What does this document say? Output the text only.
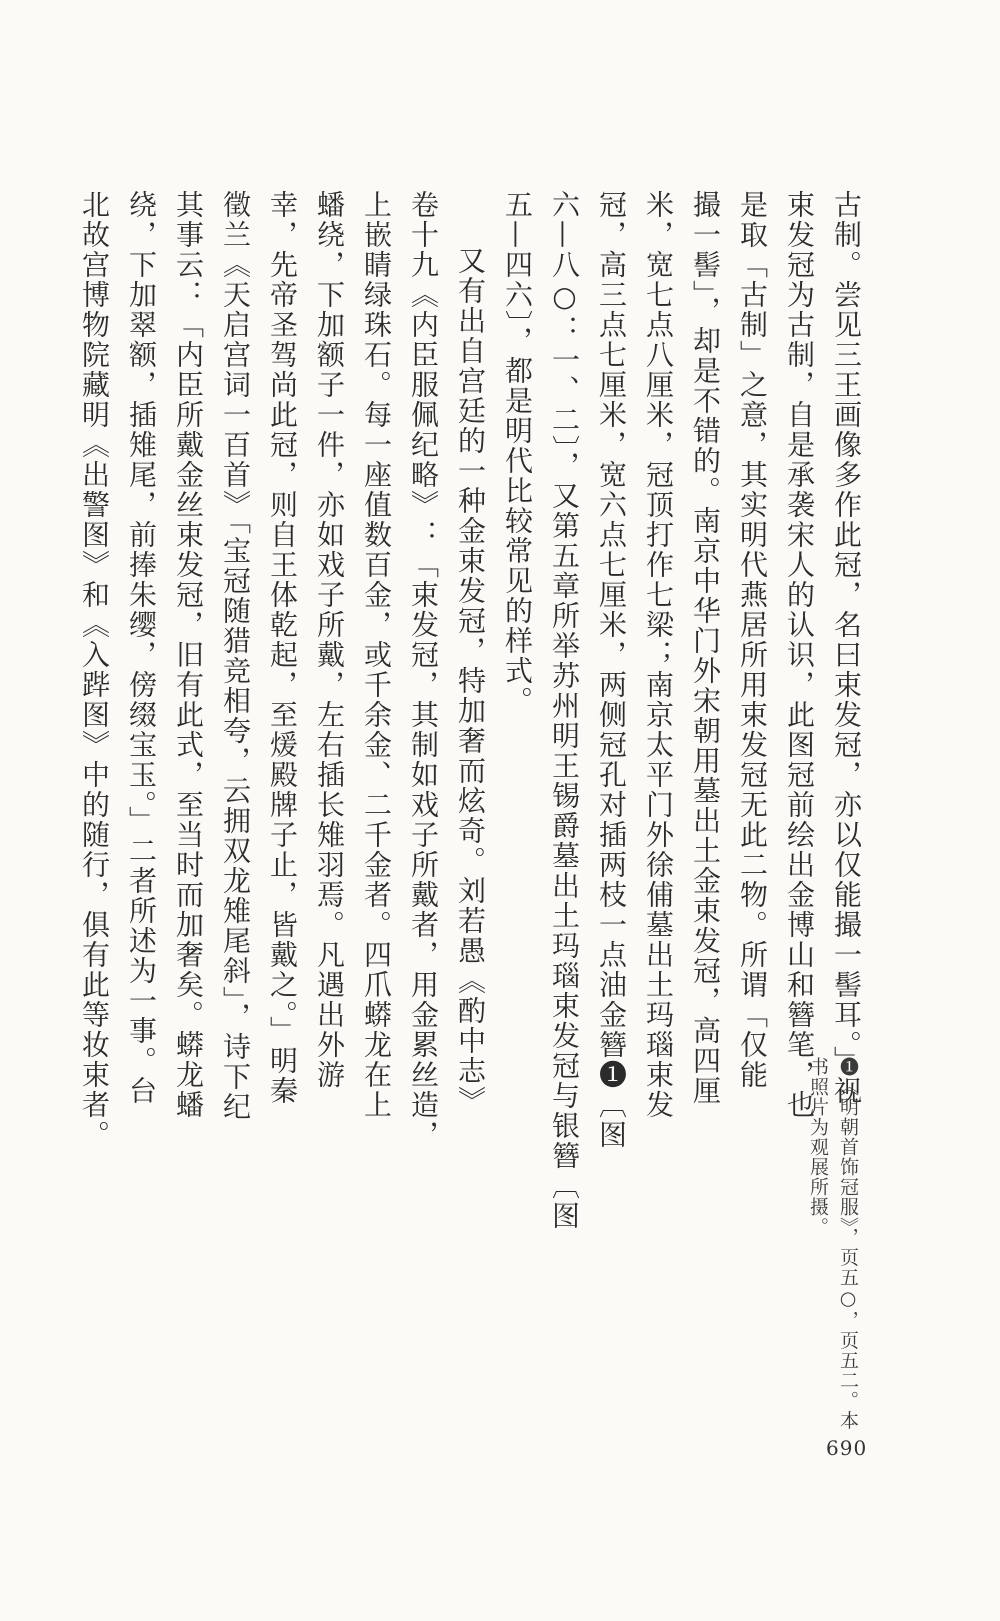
古制。尝见三王画像多作此冠，名曰束发冠，亦以仅能撮一髻耳。」视
束发冠为古制，自是承袭宋人的认识，此图冠前绘出金博山和簪笔，也
是取「古制」之意，其实明代燕居所用束发冠无此二物。所谓「仅能
撮一髻」，却是不错的。南京中华门外宋朝用墓出土金束发冠，高四厘
米，宽七点八厘米，冠顶打作七梁；南京太平门外徐俌墓出土玛瑙束发
冠，高三点七厘米，宽六点七厘米，两侧冠孔对插两枝一点油金簪❶〔图
六—八○：一、二〕，又第五章所举苏州明王锡爵墓出土玛瑙束发冠与银簪〔图
五—四六〕，都是明代比较常见的样式。
又有出自宫廷的一种金束发冠，特加奢而炫奇。刘若愚《酌中志》
卷十九《内臣服佩纪略》：「束发冠，其制如戏子所戴者，用金累丝造，
上嵌睛绿珠石。每一座值数百金，或千余金、二千金者。四爪蟒龙在上
蟠绕，下加额子一件，亦如戏子所戴，左右插长雉羽焉。凡遇出外游
幸，先帝圣驾尚此冠，则自王体乾起，至煖殿牌子止，皆戴之。」明秦
徵兰《天启宫词一百首》「宝冠随猎竞相夸，云拥双龙雉尾斜」，诗下纪
其事云：「内臣所戴金丝束发冠，旧有此式，至当时而加奢矣。蟒龙蟠
绕，下加翠额，插雉尾，前捧朱缨，傍缀宝玉。」二者所述为一事。台
北故宫博物院藏明《出警图》和《入跸图》中的随行，俱有此等妆束者。
❶《明朝首饰冠服》，页五○，页五二。本
书照片为观展所摄。
690
